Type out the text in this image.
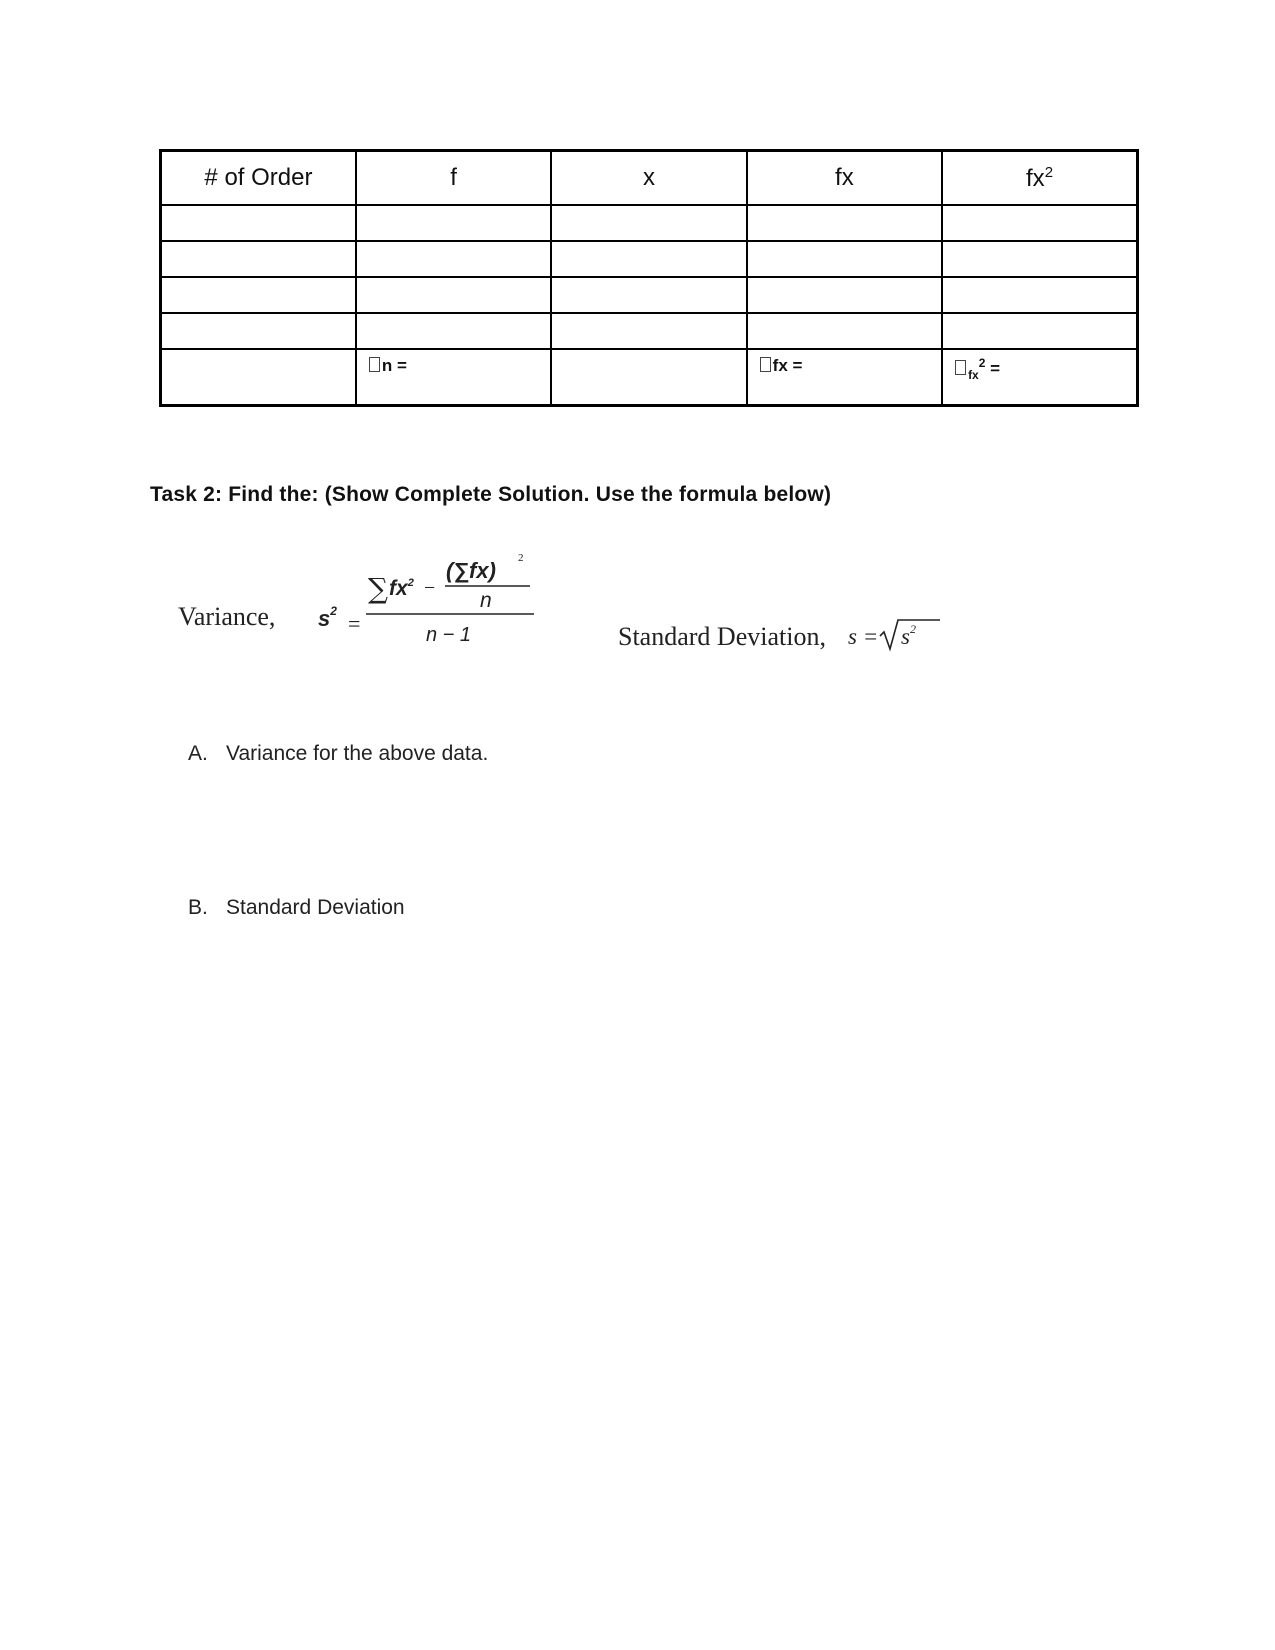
# of Order	f	x	fx	$fx^2$

	n =		fx =	$_{fx}^2$ =
Task 2: Find the: (Show Complete Solution. Use the formula below)
Variance, $s^2$ =
∑ $fx^2$ −
(∑fx) 2
n
n − 1	Standard Deviation, $s = s^2$

A. Variance for the above data.

B. Standard Deviation
